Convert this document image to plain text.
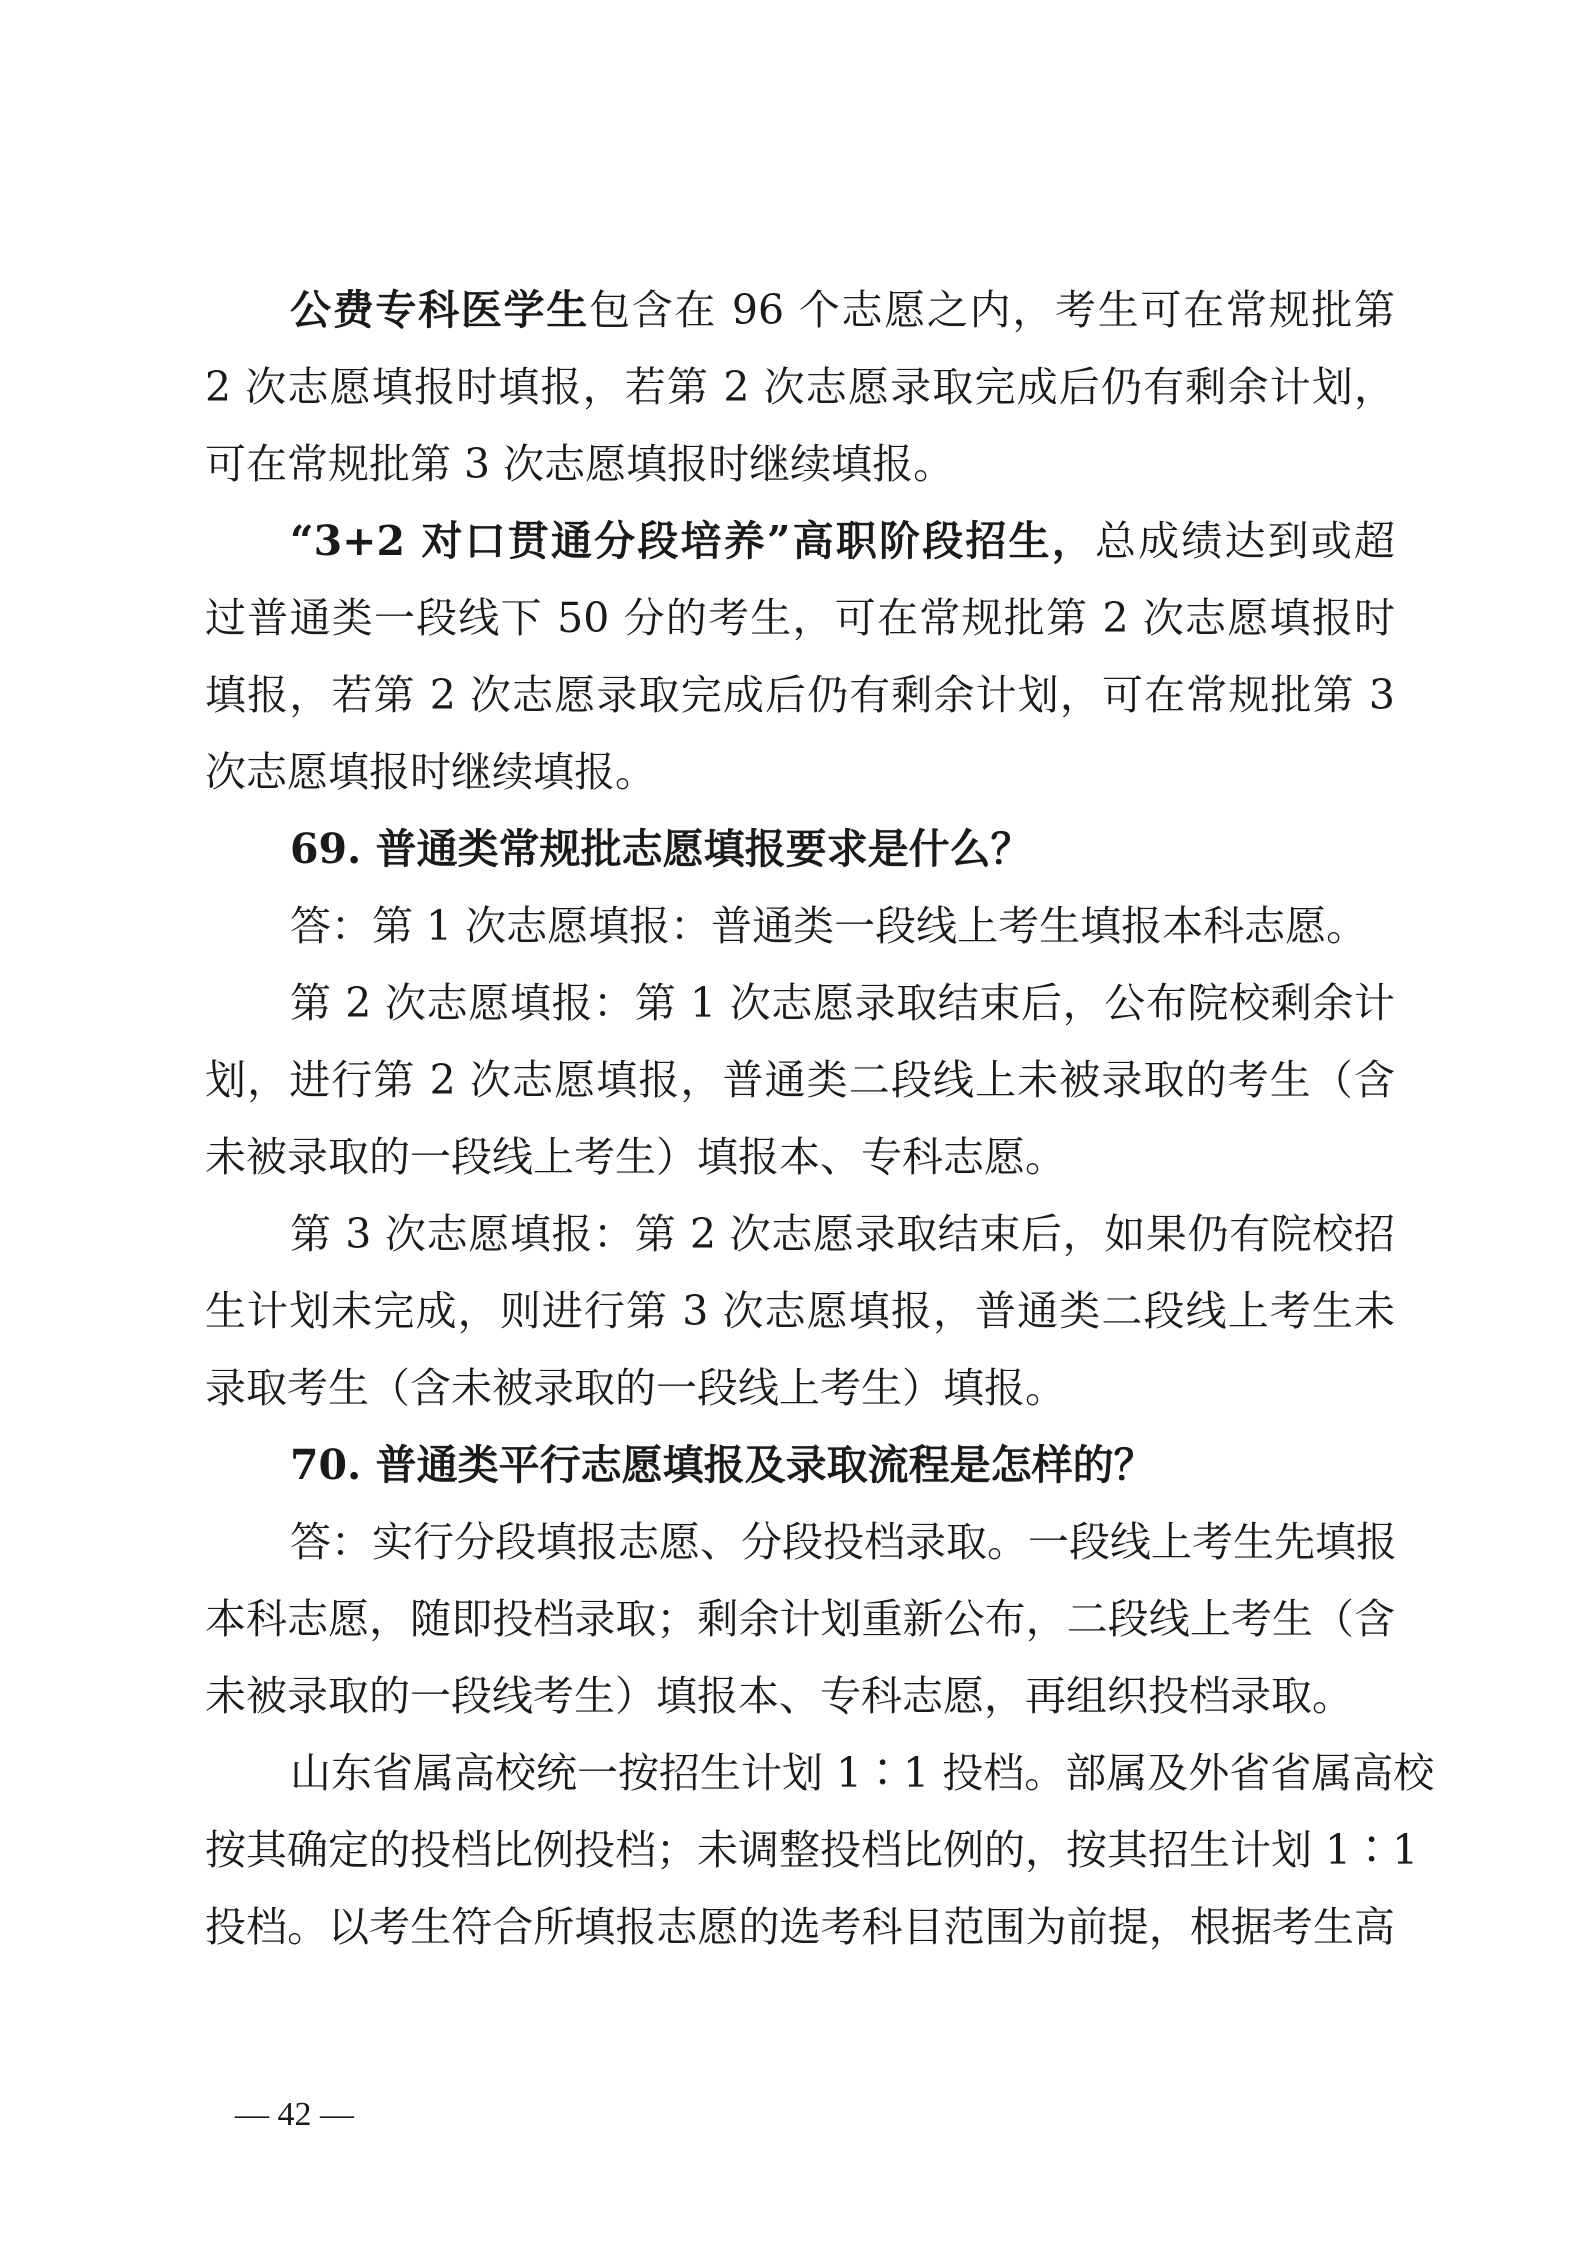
公费专科医学生包含在 96 个志愿之内，考生可在常规批第
2 次志愿填报时填报，若第 2 次志愿录取完成后仍有剩余计划，
可在常规批第 3 次志愿填报时继续填报。
“3+2 对口贯通分段培养”高职阶段招生，总成绩达到或超
过普通类一段线下 50 分的考生，可在常规批第 2 次志愿填报时
填报，若第 2 次志愿录取完成后仍有剩余计划，可在常规批第 3
次志愿填报时继续填报。
69. 普通类常规批志愿填报要求是什么？
答：第 1 次志愿填报：普通类一段线上考生填报本科志愿。
第 2 次志愿填报：第 1 次志愿录取结束后，公布院校剩余计
划，进行第 2 次志愿填报，普通类二段线上未被录取的考生（含
未被录取的一段线上考生）填报本、专科志愿。
第 3 次志愿填报：第 2 次志愿录取结束后，如果仍有院校招
生计划未完成，则进行第 3 次志愿填报，普通类二段线上考生未
录取考生（含未被录取的一段线上考生）填报。
70. 普通类平行志愿填报及录取流程是怎样的？
答：实行分段填报志愿、分段投档录取。一段线上考生先填报
本科志愿，随即投档录取；剩余计划重新公布，二段线上考生（含
未被录取的一段线考生）填报本、专科志愿，再组织投档录取。
山东省属高校统一按招生计划 1∶1 投档。部属及外省省属高校
按其确定的投档比例投档；未调整投档比例的，按其招生计划 1∶1
投档。以考生符合所填报志愿的选考科目范围为前提，根据考生高
— 42 —
